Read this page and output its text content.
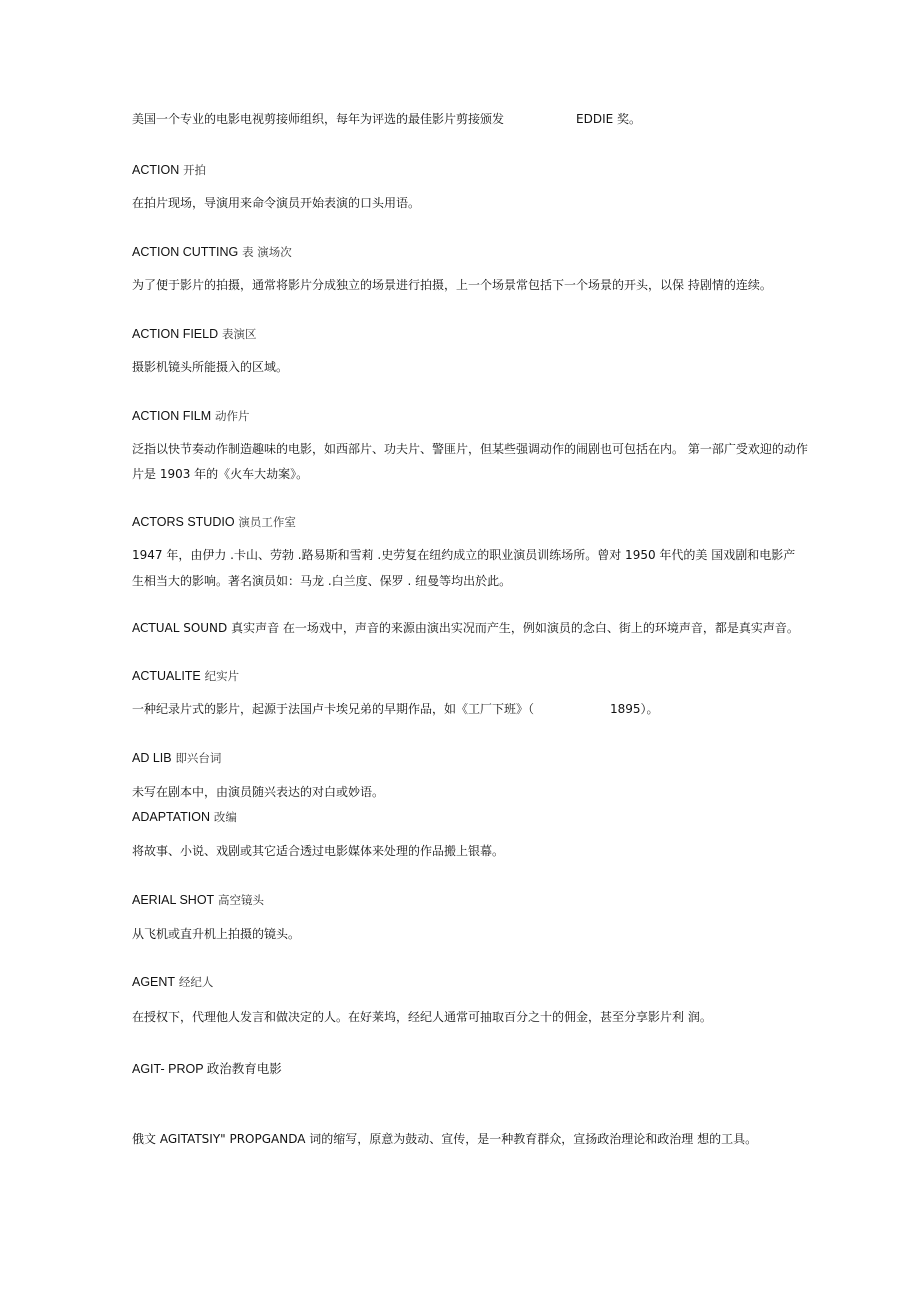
美国一个专业的电影电视剪接师组织，每年为评选的最佳影片剪接颁发	EDDIE 奖。
ACTION 开拍
在拍片现场，导演用来命令演员开始表演的口头用语。
ACTION CUTTING 表 演场次
为了便于影片的拍摄，通常将影片分成独立的场景进行拍摄，上一个场景常包括下一个场景的开头，以保 持剧情的连续。
ACTION FIELD 表演区
摄影机镜头所能摄入的区域。
ACTION FILM 动作片
泛指以快节奏动作制造趣味的电影，如西部片、功夫片、警匪片，但某些强调动作的闹剧也可包括在内。 第一部广受欢迎的动作
片是 1903 年的《火车大劫案》。
ACTORS STUDIO 演员工作室
1947 年，由伊力 .卡山、劳勃 .路易斯和雪莉 .史劳复在纽约成立的职业演员训练场所。曾对 1950 年代的美 国戏剧和电影产
生相当大的影响。著名演员如：马龙 .白兰度、保罗 . 纽曼等均出於此。
ACTUAL SOUND 真实声音 在一场戏中，声音的来源由演出实况而产生，例如演员的念白、街上的环境声音，都是真实声音。
ACTUALITE 纪实片
一种纪录片式的影片，起源于法国卢卡埃兄弟的早期作品，如《工厂下班》（	1895）。
AD LIB 即兴台词
未写在剧本中，由演员随兴表达的对白或妙语。
ADAPTATION 改编
将故事、小说、戏剧或其它适合透过电影媒体来处理的作品搬上银幕。
AERIAL SHOT 高空镜头
从飞机或直升机上拍摄的镜头。
AGENT 经纪人
在授权下，代理他人发言和做决定的人。在好莱坞，经纪人通常可抽取百分之十的佣金，甚至分享影片利 润。
AGIT- PROP 政治教育电影
俄文 AGITATSIY" PROPGANDA 词的缩写，原意为鼓动、宣传，是一种教育群众，宣扬政治理论和政治理 想的工具。
